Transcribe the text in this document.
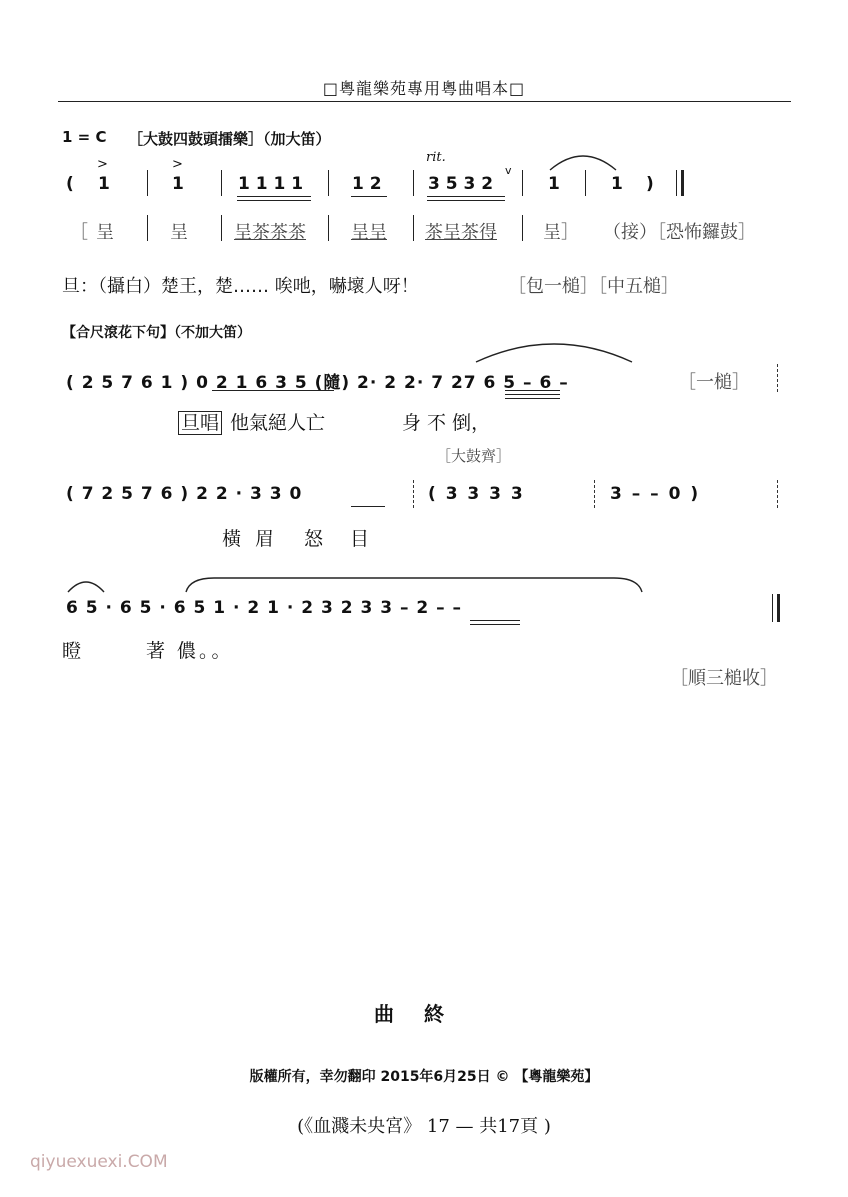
□粵龍樂苑專用粵曲唱本□
1 = C ［大鼓四鼓頭擂樂］（加大笛）
rit.
>	>
( 1	1	1 1 1 1	1 2	3 5 3 2
v
1	1 )
［ 呈	呈	呈茶茶茶	呈呈 茶呈茶得	呈］ （接）［恐怖鑼鼓］
旦：（攝白）楚王，楚…… 唉吔，嚇壞人呀！	［包一槌］［中五槌］
【合尺滾花下句】（不加大笛）
( 2 5 7 6 1 ) 0 2 1 6 3 5 (隨) 2· 2 2· 7 27 6 5 – 6 –	［一槌］
旦唱 他氣絕人亡	身 不 倒，
［大鼓齊］
( 7 2 5 7 6 ) 2 2 · 3 3 0	( 3 3 3 3	3 – – 0 )
橫 眉 怒 目
6 5 · 6 5 · 6 5 1 · 2 1 · 2 3 2 3 3 – 2 – –
瞪	著 儂。。
［順三槌收］
曲終
版權所有，幸勿翻印 2015年6月25日 © 【粵龍樂苑】
(《血濺未央宮》 17 — 共17頁 )
qiyuexuexi.COM
